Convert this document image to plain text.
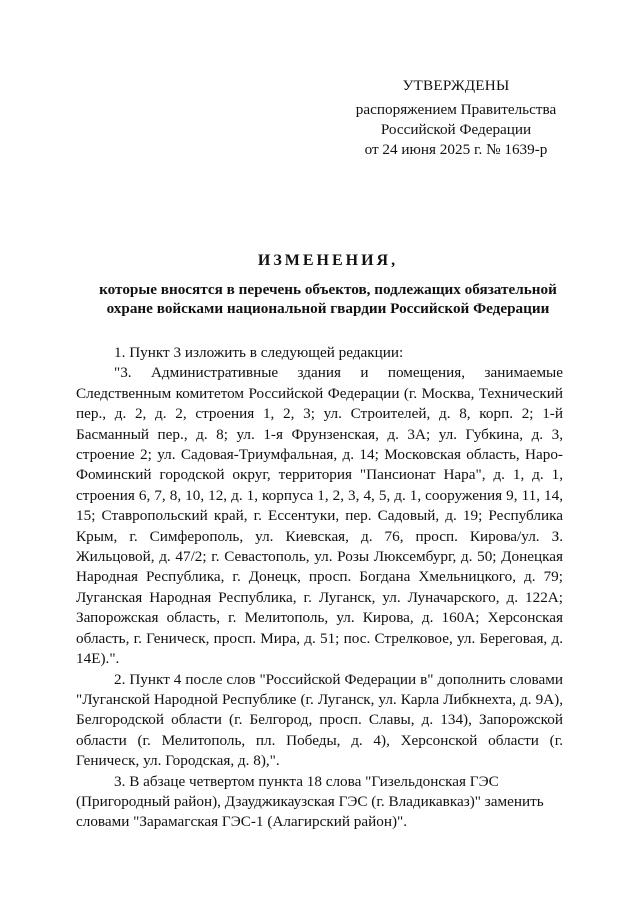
УТВЕРЖДЕНЫ
распоряжением Правительства
Российской Федерации
от 24 июня 2025 г. № 1639-р
ИЗМЕНЕНИЯ,
которые вносятся в перечень объектов, подлежащих обязательной
охране войсками национальной гвардии Российской Федерации

1. Пункт 3 изложить в следующей редакции:

"3. Административные здания и помещения, занимаемые Следственным комитетом Российской Федерации (г. Москва, Технический пер., д. 2, д. 2, строения 1, 2, 3; ул. Строителей, д. 8, корп. 2; 1-й Басманный пер., д. 8; ул. 1-я Фрунзенская, д. 3А; ул. Губкина, д. 3, строение 2; ул. Садовая-Триумфальная, д. 14; Московская область, Наро-Фоминский городской округ, территория "Пансионат Нара", д. 1, д. 1, строения 6, 7, 8, 10, 12, д. 1, корпуса 1, 2, 3, 4, 5, д. 1, сооружения 9, 11, 14, 15; Ставропольский край, г. Ессентуки, пер. Садовый, д. 19; Республика Крым, г. Симферополь, ул. Киевская, д. 76, просп. Кирова/ул. З. Жильцовой, д. 47/2; г. Севастополь, ул. Розы Люксембург, д. 50; Донецкая Народная Республика, г. Донецк, просп. Богдана Хмельницкого, д. 79; Луганская Народная Республика, г. Луганск, ул. Луначарского, д. 122А; Запорожская область, г. Мелитополь, ул. Кирова, д. 160А; Херсонская область, г. Геническ, просп. Мира, д. 51; пос. Стрелковое, ул. Береговая, д. 14Е).".

2. Пункт 4 после слов "Российской Федерации в" дополнить словами "Луганской Народной Республике (г. Луганск, ул. Карла Либкнехта, д. 9А), Белгородской области (г. Белгород, просп. Славы, д. 134), Запорожской области (г. Мелитополь, пл. Победы, д. 4), Херсонской области (г. Геническ, ул. Городская, д. 8),".

3. В абзаце четвертом пункта 18 слова "Гизельдонская ГЭС (Пригородный район), Дзауджикаузская ГЭС (г. Владикавказ)" заменить словами "Зарамагская ГЭС-1 (Алагирский район)".
